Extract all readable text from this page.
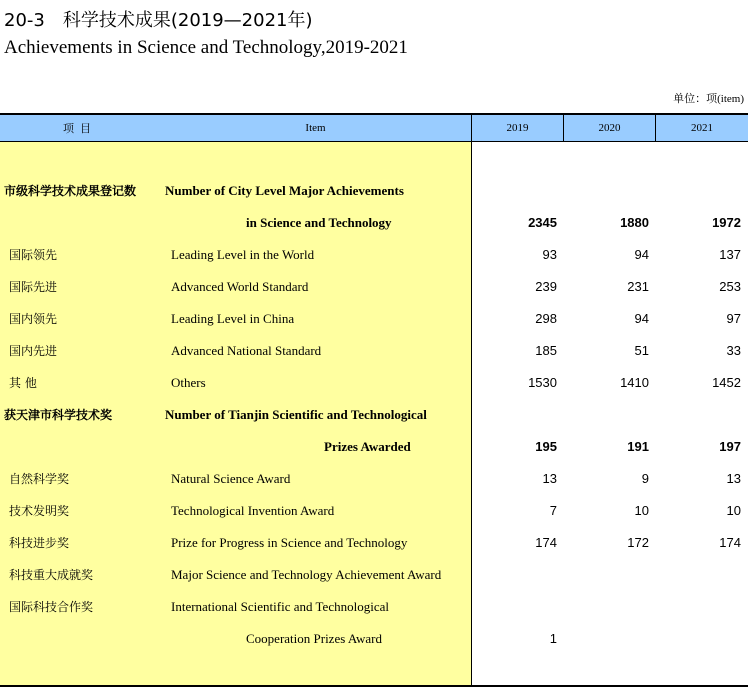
20-3　科学技术成果(2019—2021年)
Achievements in Science and Technology,2019-2021
单位：项(item)
项目	Item	2019	2020	2021
市级科学技术成果登记数 Number of City Level Major Achievements
in Science and Technology	2345	1880	1972
国际领先	Leading Level in the World	93	94	137
国际先进	Advanced World Standard	239	231	253
国内领先	Leading Level in China	298	94	97
国内先进	Advanced National Standard	185	51	33
其 他	Others	1530	1410	1452
获天津市科学技术奖	Number of Tianjin Scientific and Technological
Prizes Awarded	195	191	197
自然科学奖	Natural Science Award	13	9	13
技术发明奖	Technological Invention Award	7	10	10
科技进步奖	Prize for Progress in Science and Technology	174	172	174
科技重大成就奖	Major Science and Technology Achievement Award
国际科技合作奖	International Scientific and Technological
Cooperation Prizes Award	1
